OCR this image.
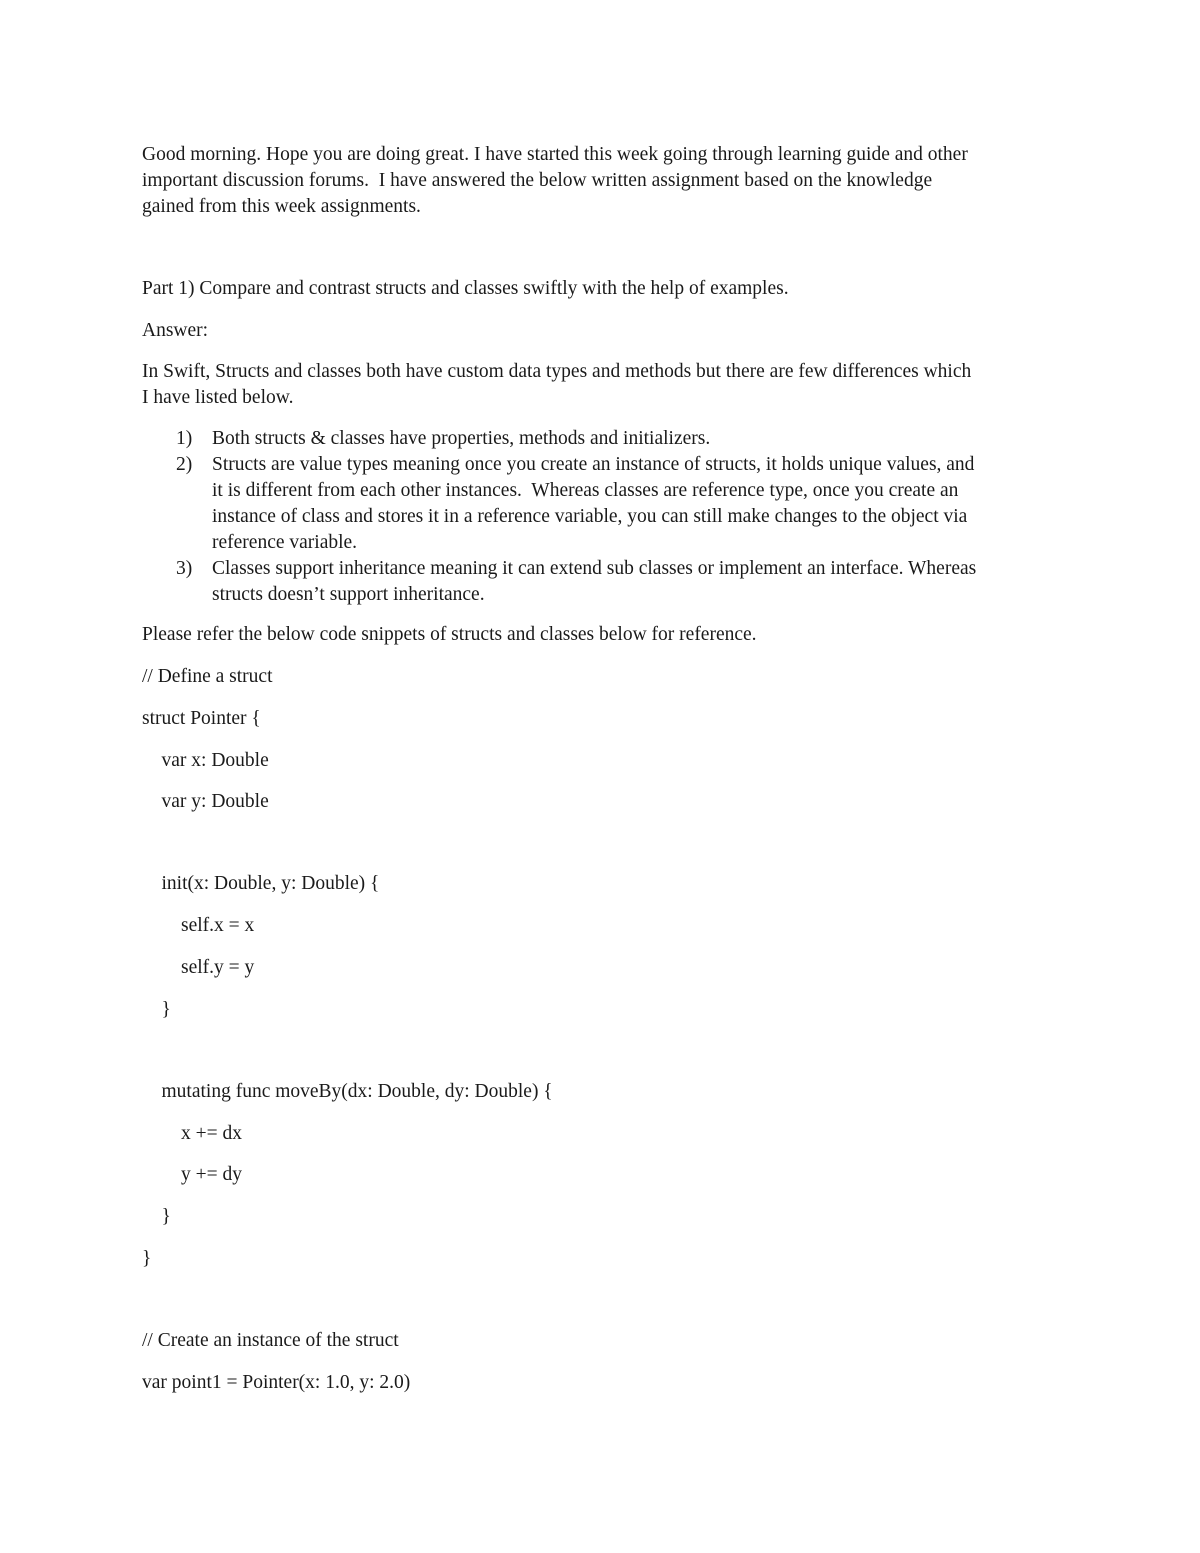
Good morning. Hope you are doing great. I have started this week going through learning guide and other

important discussion forums.  I have answered the below written assignment based on the knowledge

gained from this week assignments.

Part 1) Compare and contrast structs and classes swiftly with the help of examples.

Answer:

In Swift, Structs and classes both have custom data types and methods but there are few differences which

I have listed below.

1)	Both structs & classes have properties, methods and initializers.
2)	Structs are value types meaning once you create an instance of structs, it holds unique values, and
it is different from each other instances.  Whereas classes are reference type, once you create an
instance of class and stores it in a reference variable, you can still make changes to the object via
reference variable.
3)	Classes support inheritance meaning it can extend sub classes or implement an interface. Whereas
structs doesn’t support inheritance.

Please refer the below code snippets of structs and classes below for reference.

// Define a struct

struct Pointer {

var x: Double

var y: Double

init(x: Double, y: Double) {

self.x = x

self.y = y

}

mutating func moveBy(dx: Double, dy: Double) {

x += dx

y += dy

}

}

// Create an instance of the struct

var point1 = Pointer(x: 1.0, y: 2.0)
